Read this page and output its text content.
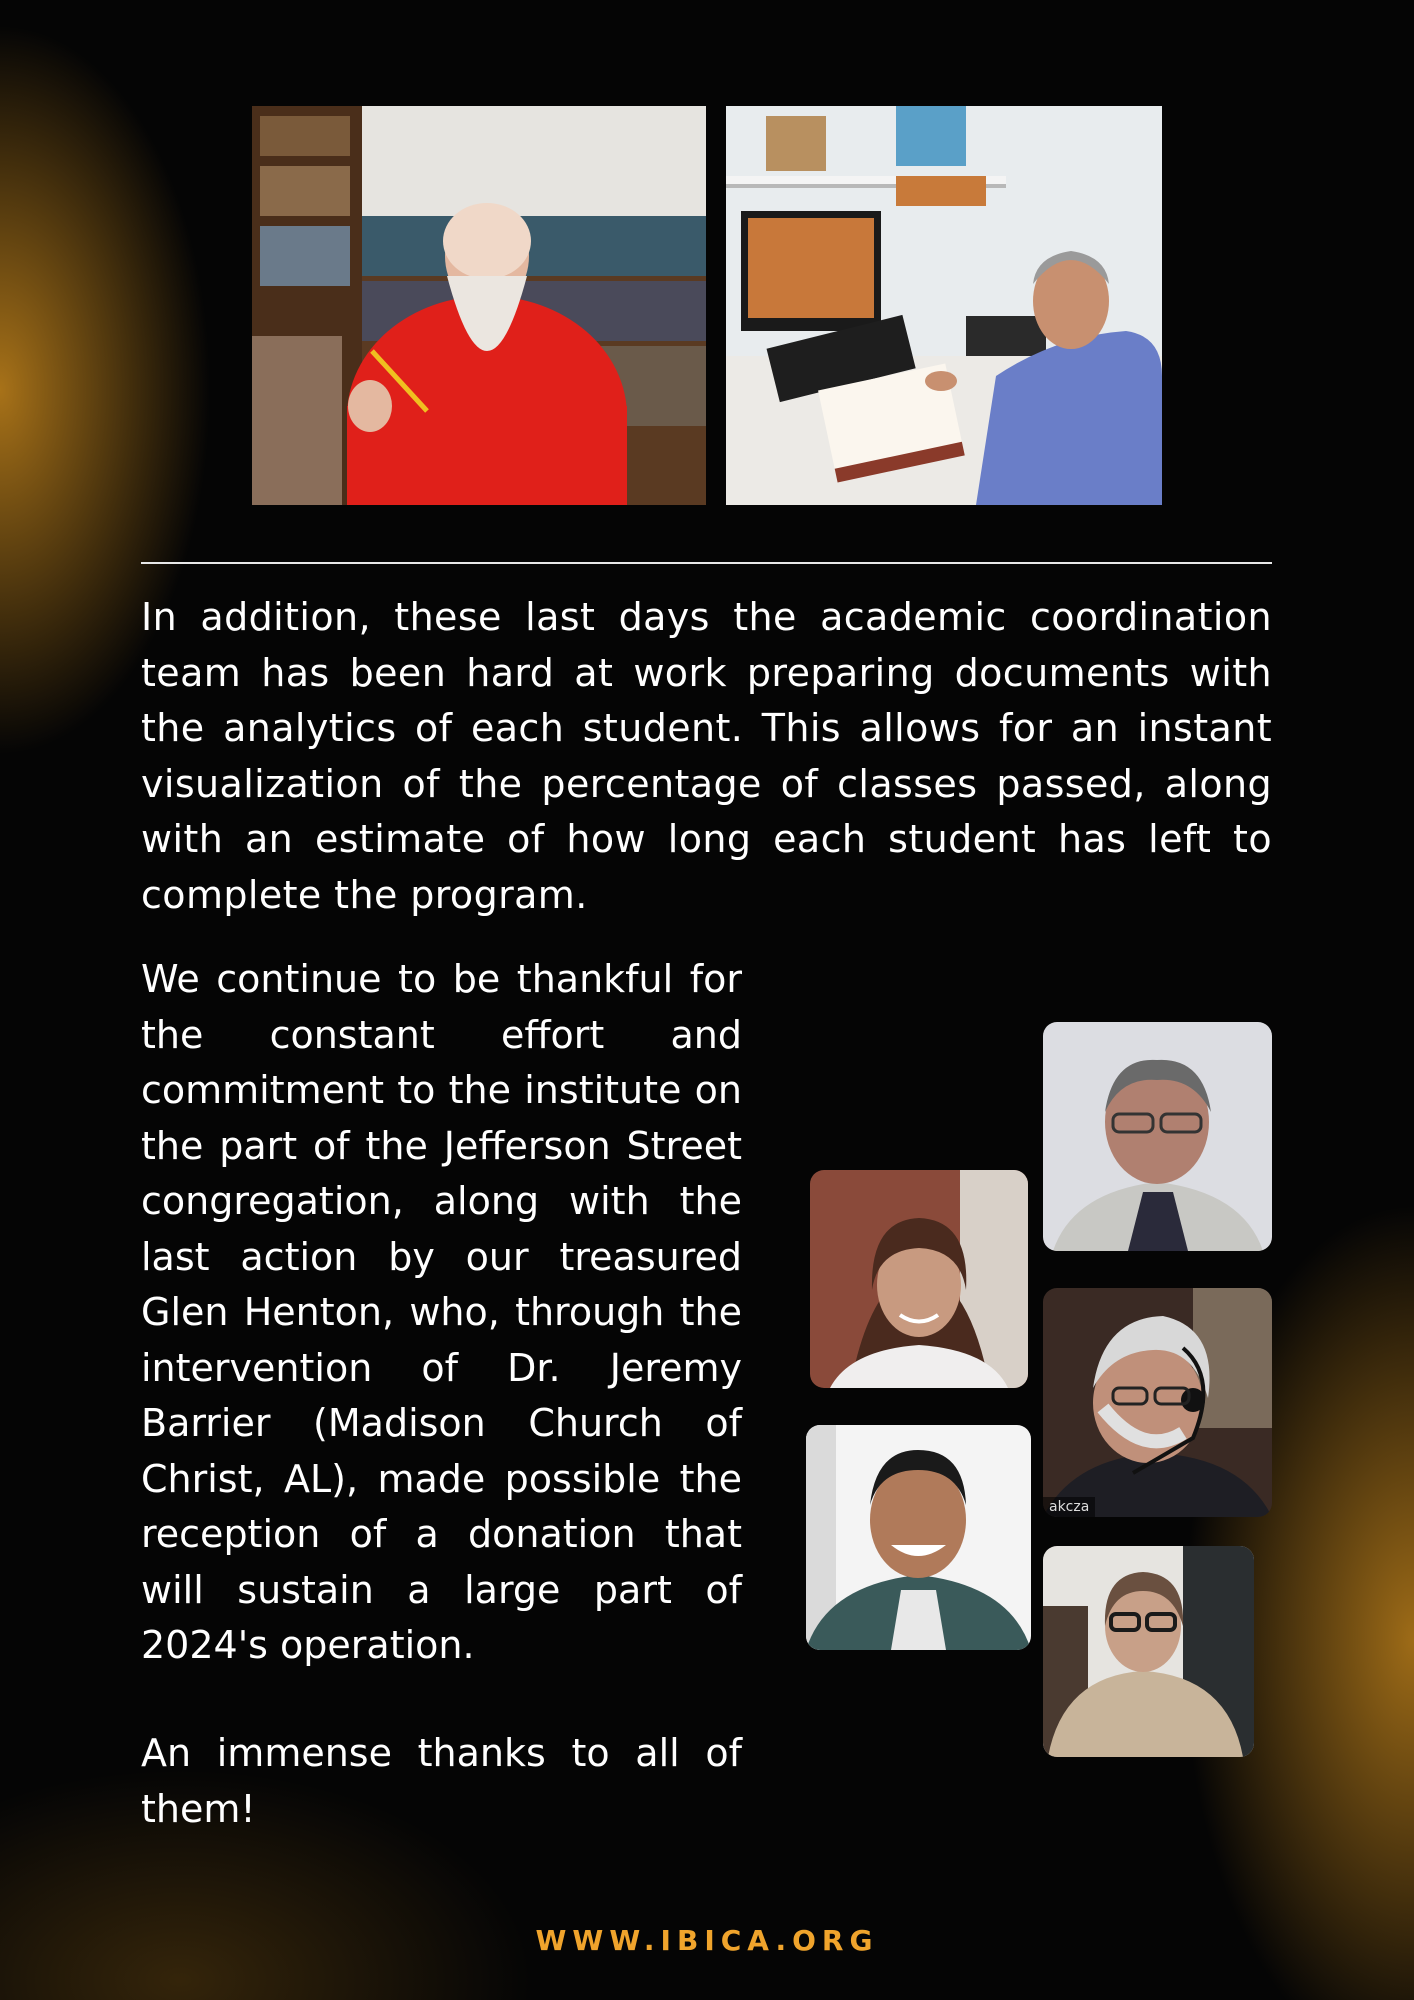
In addition, these last days the academic coordination team has been hard at work preparing documents with the analytics of each student. This allows for an instant visualization of the percentage of classes passed, along with an estimate of how long each student has left to complete the program.

We continue to be thankful for the constant effort and commitment to the institute on the part of the Jefferson Street congregation, along with the last action by our treasured Glen Henton, who, through the intervention of Dr. Jeremy Barrier (Madison Church of Christ, AL), made possible the reception of a donation that will sustain a large part of 2024's operation.

An immense thanks to all of them!

akcza
WWW.IBICA.ORG
